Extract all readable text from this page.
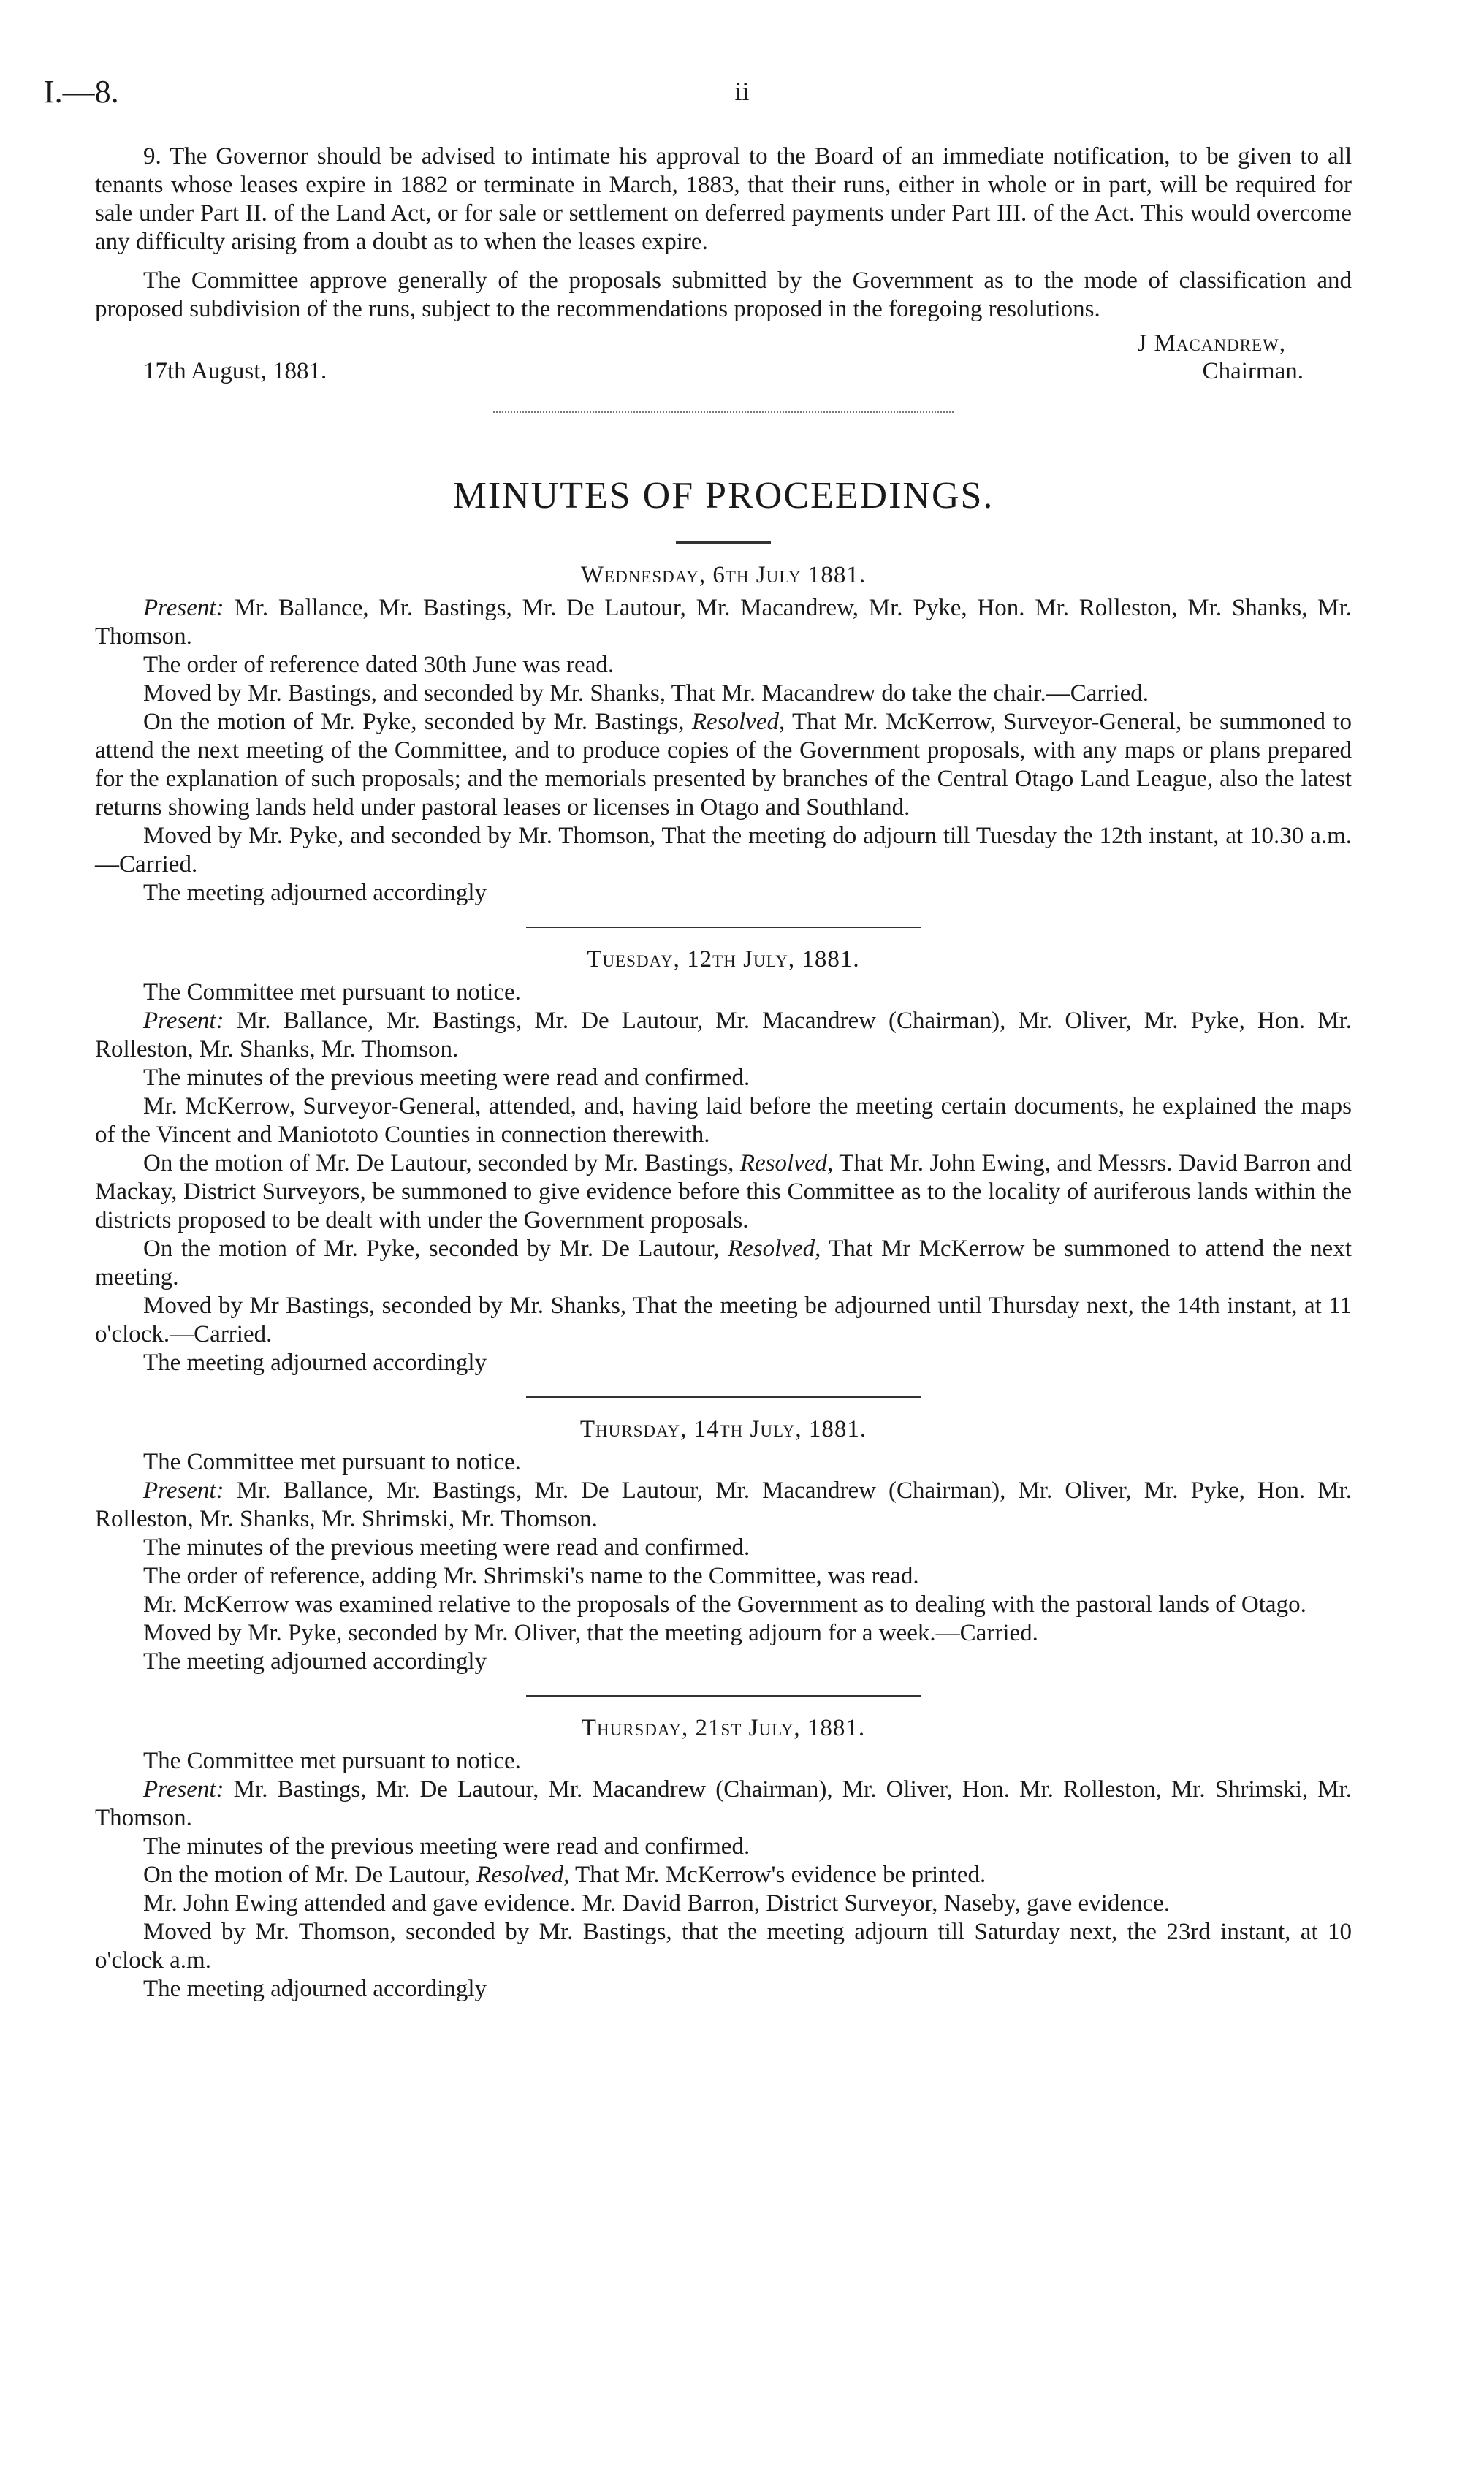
I.—8.	ii

9. The Governor should be advised to intimate his approval to the Board of an immediate notification, to be given to all tenants whose leases expire in 1882 or terminate in March, 1883, that their runs, either in whole or in part, will be required for sale under Part II. of the Land Act, or for sale or settlement on deferred payments under Part III. of the Act. This would overcome any difficulty arising from a doubt as to when the leases expire.

The Committee approve generally of the proposals submitted by the Government as to the mode of classification and proposed subdivision of the runs, subject to the recommendations proposed in the foregoing resolutions.

J Macandrew,
17th August, 1881.	Chairman.
MINUTES OF PROCEEDINGS.
Wednesday, 6th July 1881.

Present: Mr. Ballance, Mr. Bastings, Mr. De Lautour, Mr. Macandrew, Mr. Pyke, Hon. Mr. Rolleston, Mr. Shanks, Mr. Thomson.

The order of reference dated 30th June was read.

Moved by Mr. Bastings, and seconded by Mr. Shanks, That Mr. Macandrew do take the chair.—Carried.

On the motion of Mr. Pyke, seconded by Mr. Bastings, Resolved, That Mr. McKerrow, Surveyor-General, be summoned to attend the next meeting of the Committee, and to produce copies of the Government proposals, with any maps or plans prepared for the explanation of such proposals; and the memorials presented by branches of the Central Otago Land League, also the latest returns showing lands held under pastoral leases or licenses in Otago and Southland.

Moved by Mr. Pyke, and seconded by Mr. Thomson, That the meeting do adjourn till Tuesday the 12th instant, at 10.30 a.m.—Carried.

The meeting adjourned accordingly

Tuesday, 12th July, 1881.

The Committee met pursuant to notice.

Present: Mr. Ballance, Mr. Bastings, Mr. De Lautour, Mr. Macandrew (Chairman), Mr. Oliver, Mr. Pyke, Hon. Mr. Rolleston, Mr. Shanks, Mr. Thomson.

The minutes of the previous meeting were read and confirmed.

Mr. McKerrow, Surveyor-General, attended, and, having laid before the meeting certain documents, he explained the maps of the Vincent and Maniototo Counties in connection therewith.

On the motion of Mr. De Lautour, seconded by Mr. Bastings, Resolved, That Mr. John Ewing, and Messrs. David Barron and Mackay, District Surveyors, be summoned to give evidence before this Committee as to the locality of auriferous lands within the districts proposed to be dealt with under the Government proposals.

On the motion of Mr. Pyke, seconded by Mr. De Lautour, Resolved, That Mr McKerrow be summoned to attend the next meeting.

Moved by Mr Bastings, seconded by Mr. Shanks, That the meeting be adjourned until Thursday next, the 14th instant, at 11 o'clock.—Carried.

The meeting adjourned accordingly

Thursday, 14th July, 1881.

The Committee met pursuant to notice.

Present: Mr. Ballance, Mr. Bastings, Mr. De Lautour, Mr. Macandrew (Chairman), Mr. Oliver, Mr. Pyke, Hon. Mr. Rolleston, Mr. Shanks, Mr. Shrimski, Mr. Thomson.

The minutes of the previous meeting were read and confirmed.

The order of reference, adding Mr. Shrimski's name to the Committee, was read.

Mr. McKerrow was examined relative to the proposals of the Government as to dealing with the pastoral lands of Otago.

Moved by Mr. Pyke, seconded by Mr. Oliver, that the meeting adjourn for a week.—Carried.

The meeting adjourned accordingly

Thursday, 21st July, 1881.

The Committee met pursuant to notice.

Present: Mr. Bastings, Mr. De Lautour, Mr. Macandrew (Chairman), Mr. Oliver, Hon. Mr. Rolleston, Mr. Shrimski, Mr. Thomson.

The minutes of the previous meeting were read and confirmed.

On the motion of Mr. De Lautour, Resolved, That Mr. McKerrow's evidence be printed.

Mr. John Ewing attended and gave evidence. Mr. David Barron, District Surveyor, Naseby, gave evidence.

Moved by Mr. Thomson, seconded by Mr. Bastings, that the meeting adjourn till Saturday next, the 23rd instant, at 10 o'clock a.m.

The meeting adjourned accordingly
